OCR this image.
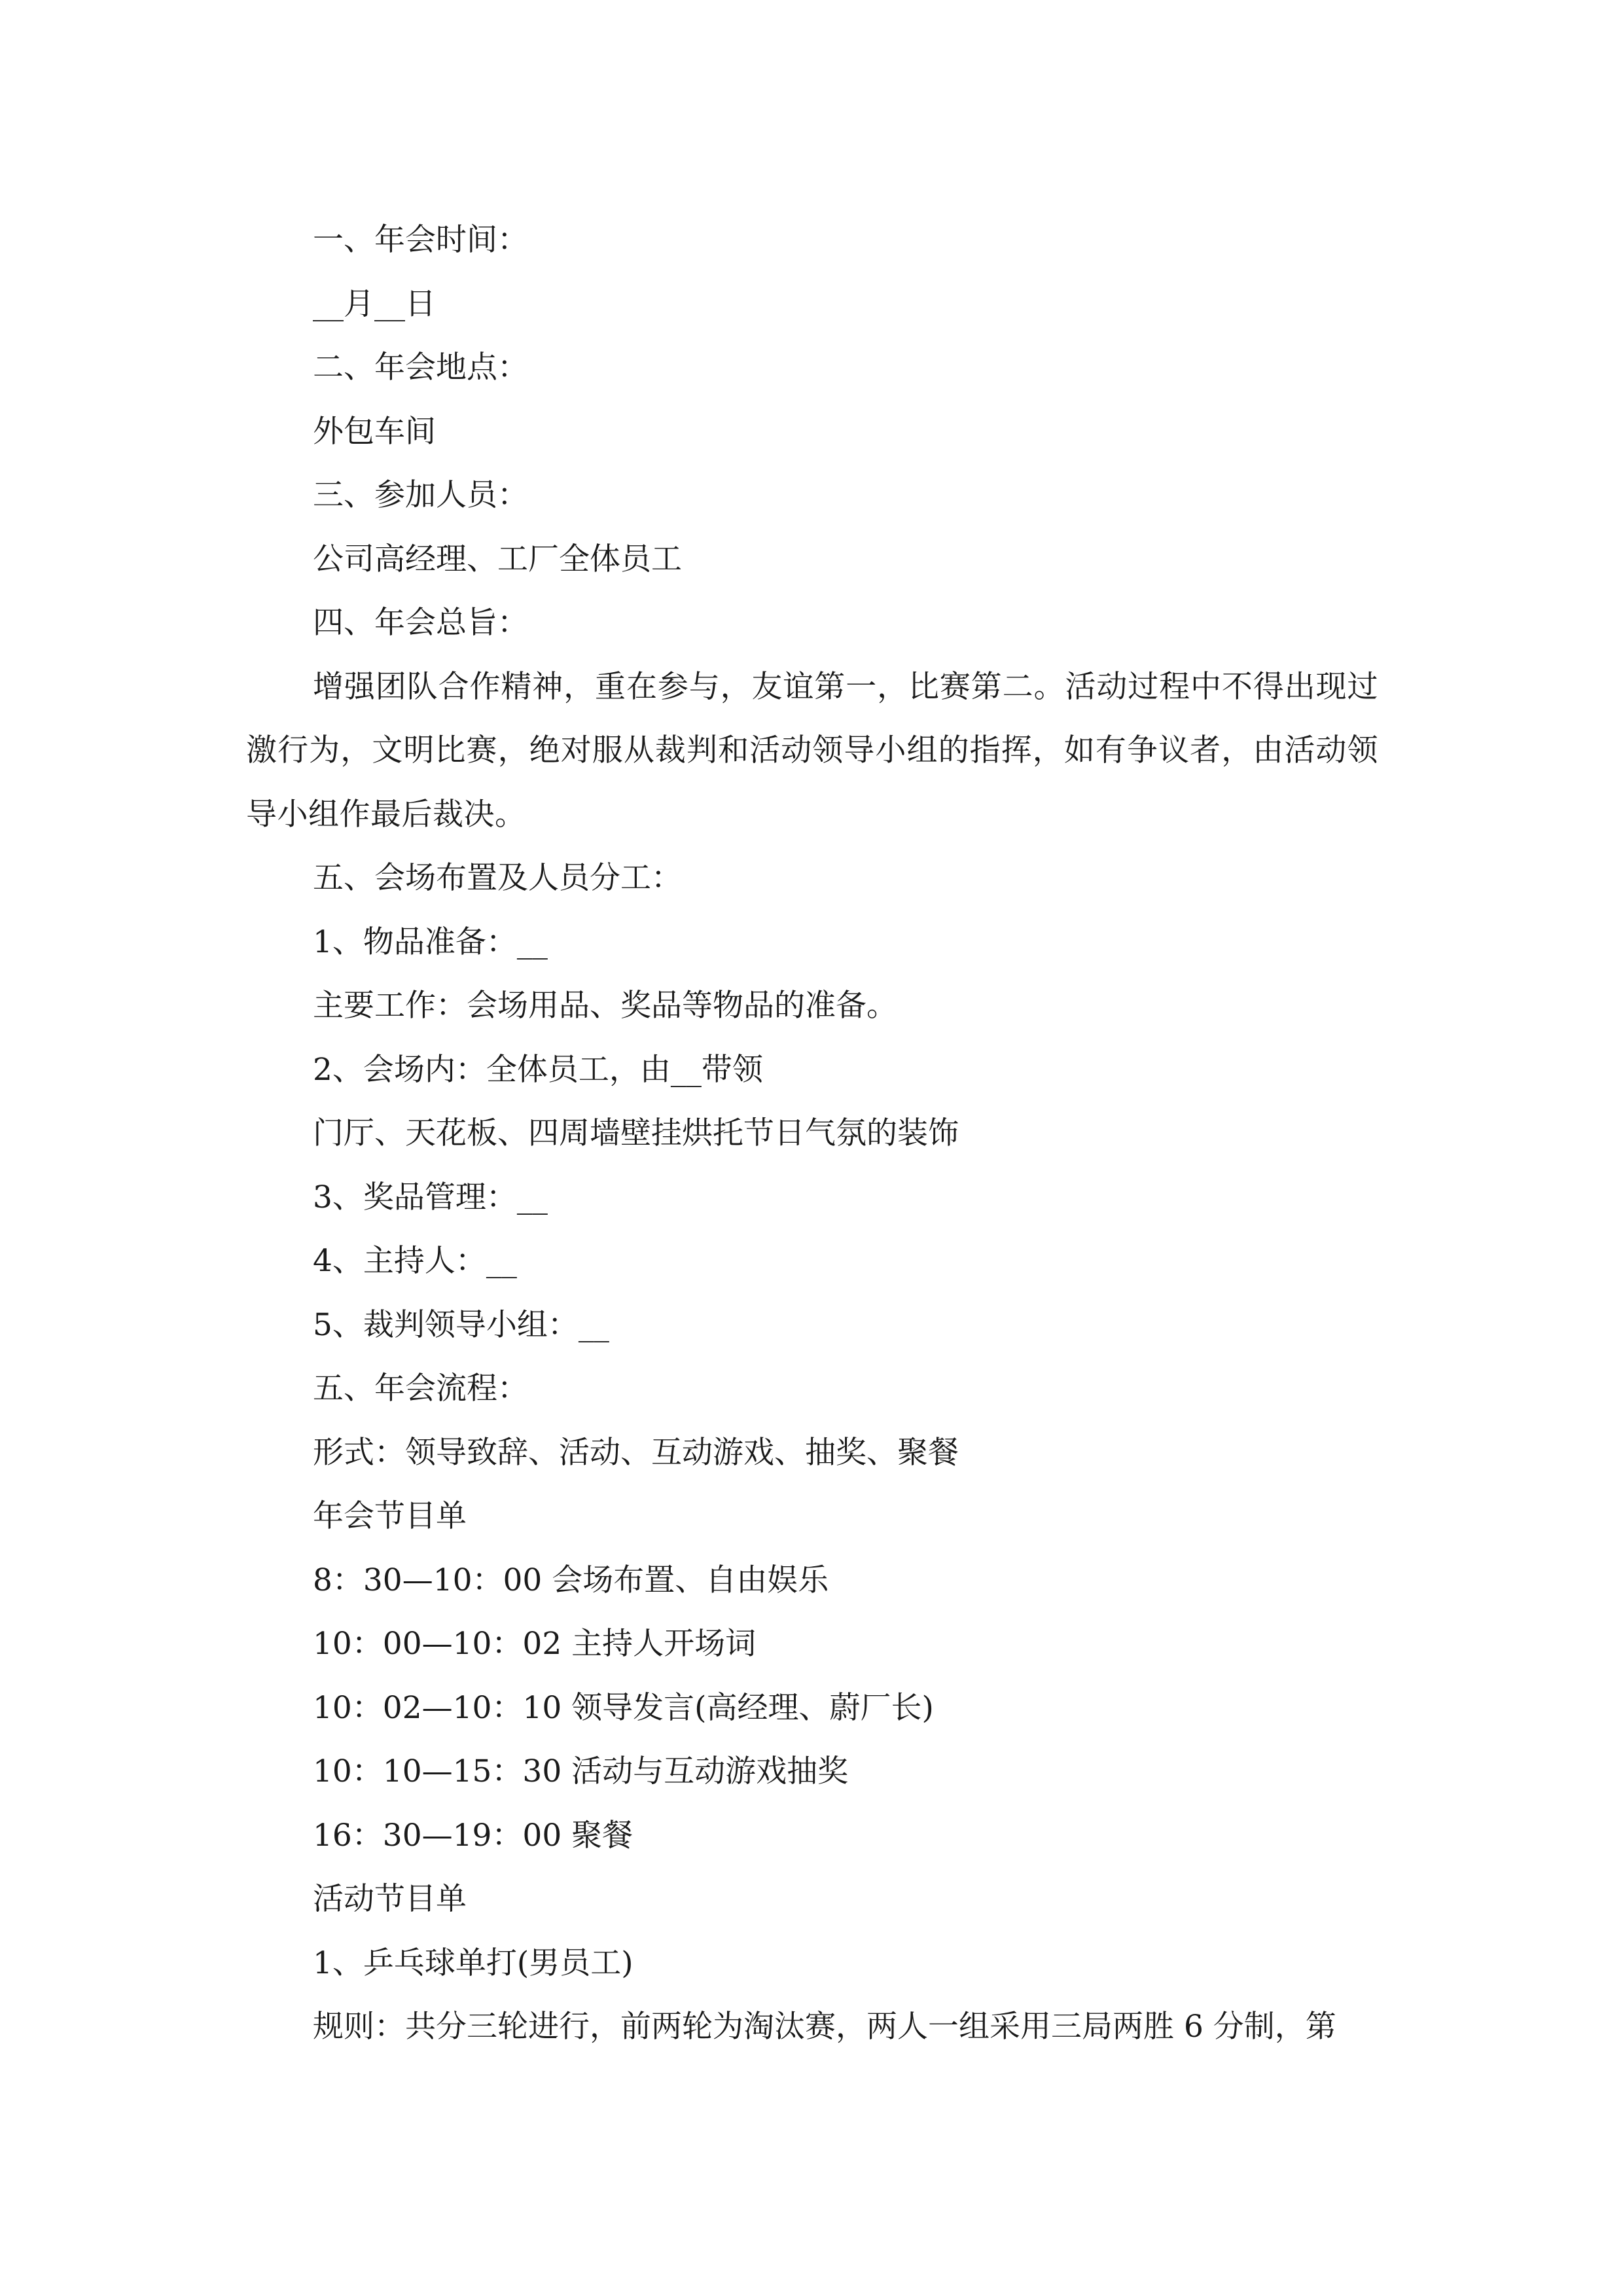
一、年会时间：

__月__日

二、年会地点：

外包车间

三、参加人员：

公司高经理、工厂全体员工

四、年会总旨：

增强团队合作精神，重在参与，友谊第一，比赛第二。活动过程中不得出现过激行为，文明比赛，绝对服从裁判和活动领导小组的指挥，如有争议者，由活动领导小组作最后裁决。

五、会场布置及人员分工：

1、物品准备：__

主要工作：会场用品、奖品等物品的准备。

2、会场内：全体员工，由__带领

门厅、天花板、四周墙壁挂烘托节日气氛的装饰

3、奖品管理：__

4、主持人：__

5、裁判领导小组：__

五、年会流程：

形式：领导致辞、活动、互动游戏、抽奖、聚餐

年会节目单

8：30—10：00 会场布置、自由娱乐

10：00—10：02 主持人开场词

10：02—10：10 领导发言(高经理、蔚厂长)

10：10—15：30 活动与互动游戏抽奖

16：30—19：00 聚餐

活动节目单

1、乒乓球单打(男员工)

规则：共分三轮进行，前两轮为淘汰赛，两人一组采用三局两胜 6 分制，第
